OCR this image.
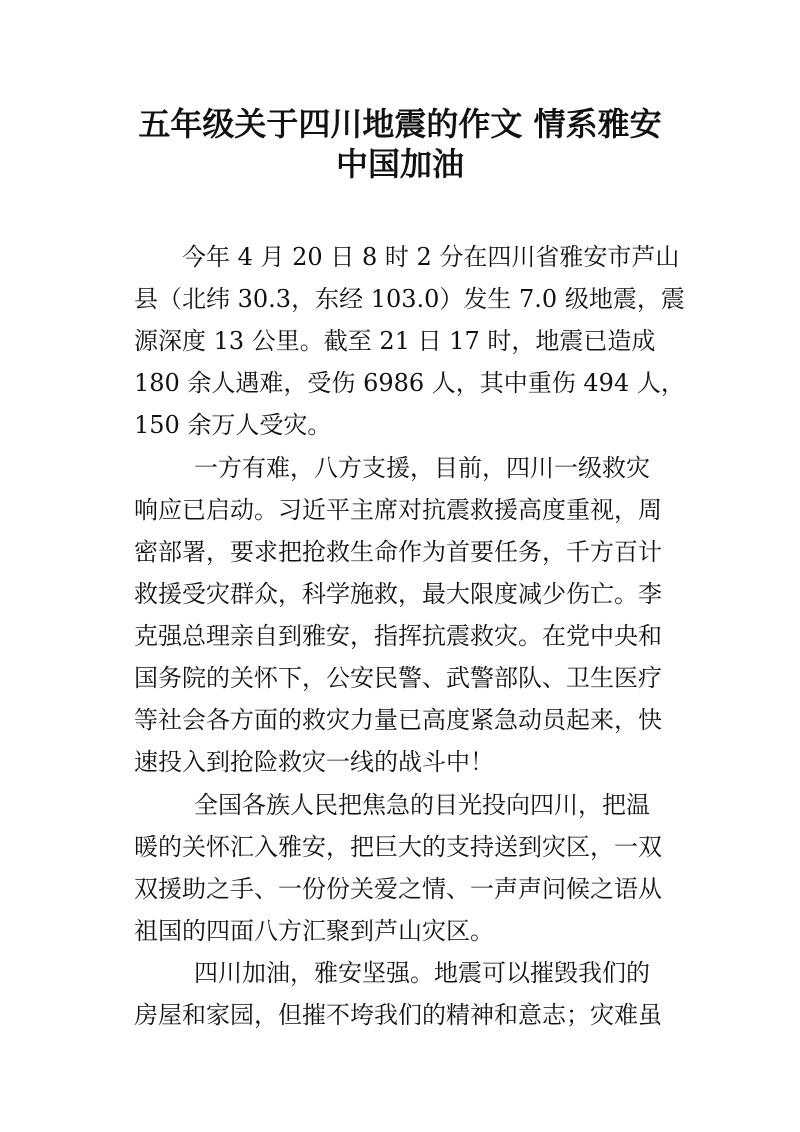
五年级关于四川地震的作文 情系雅安
中国加油

今年 4 月 20 日 8 时 2 分在四川省雅安市芦山

县（北纬 30.3，东经 103.0）发生 7.0 级地震，震

源深度 13 公里。截至 21 日 17 时，地震已造成

180 余人遇难，受伤 6986 人，其中重伤 494 人，

150 余万人受灾。

一方有难，八方支援，目前，四川一级救灾

响应已启动。习近平主席对抗震救援高度重视，周

密部署，要求把抢救生命作为首要任务，千方百计

救援受灾群众，科学施救，最大限度减少伤亡。李

克强总理亲自到雅安，指挥抗震救灾。在党中央和

国务院的关怀下，公安民警、武警部队、卫生医疗

等社会各方面的救灾力量已高度紧急动员起来，快

速投入到抢险救灾一线的战斗中！

全国各族人民把焦急的目光投向四川，把温

暖的关怀汇入雅安，把巨大的支持送到灾区，一双

双援助之手、一份份关爱之情、一声声问候之语从

祖国的四面八方汇聚到芦山灾区。

四川加油，雅安坚强。地震可以摧毁我们的

房屋和家园，但摧不垮我们的精神和意志；灾难虽
